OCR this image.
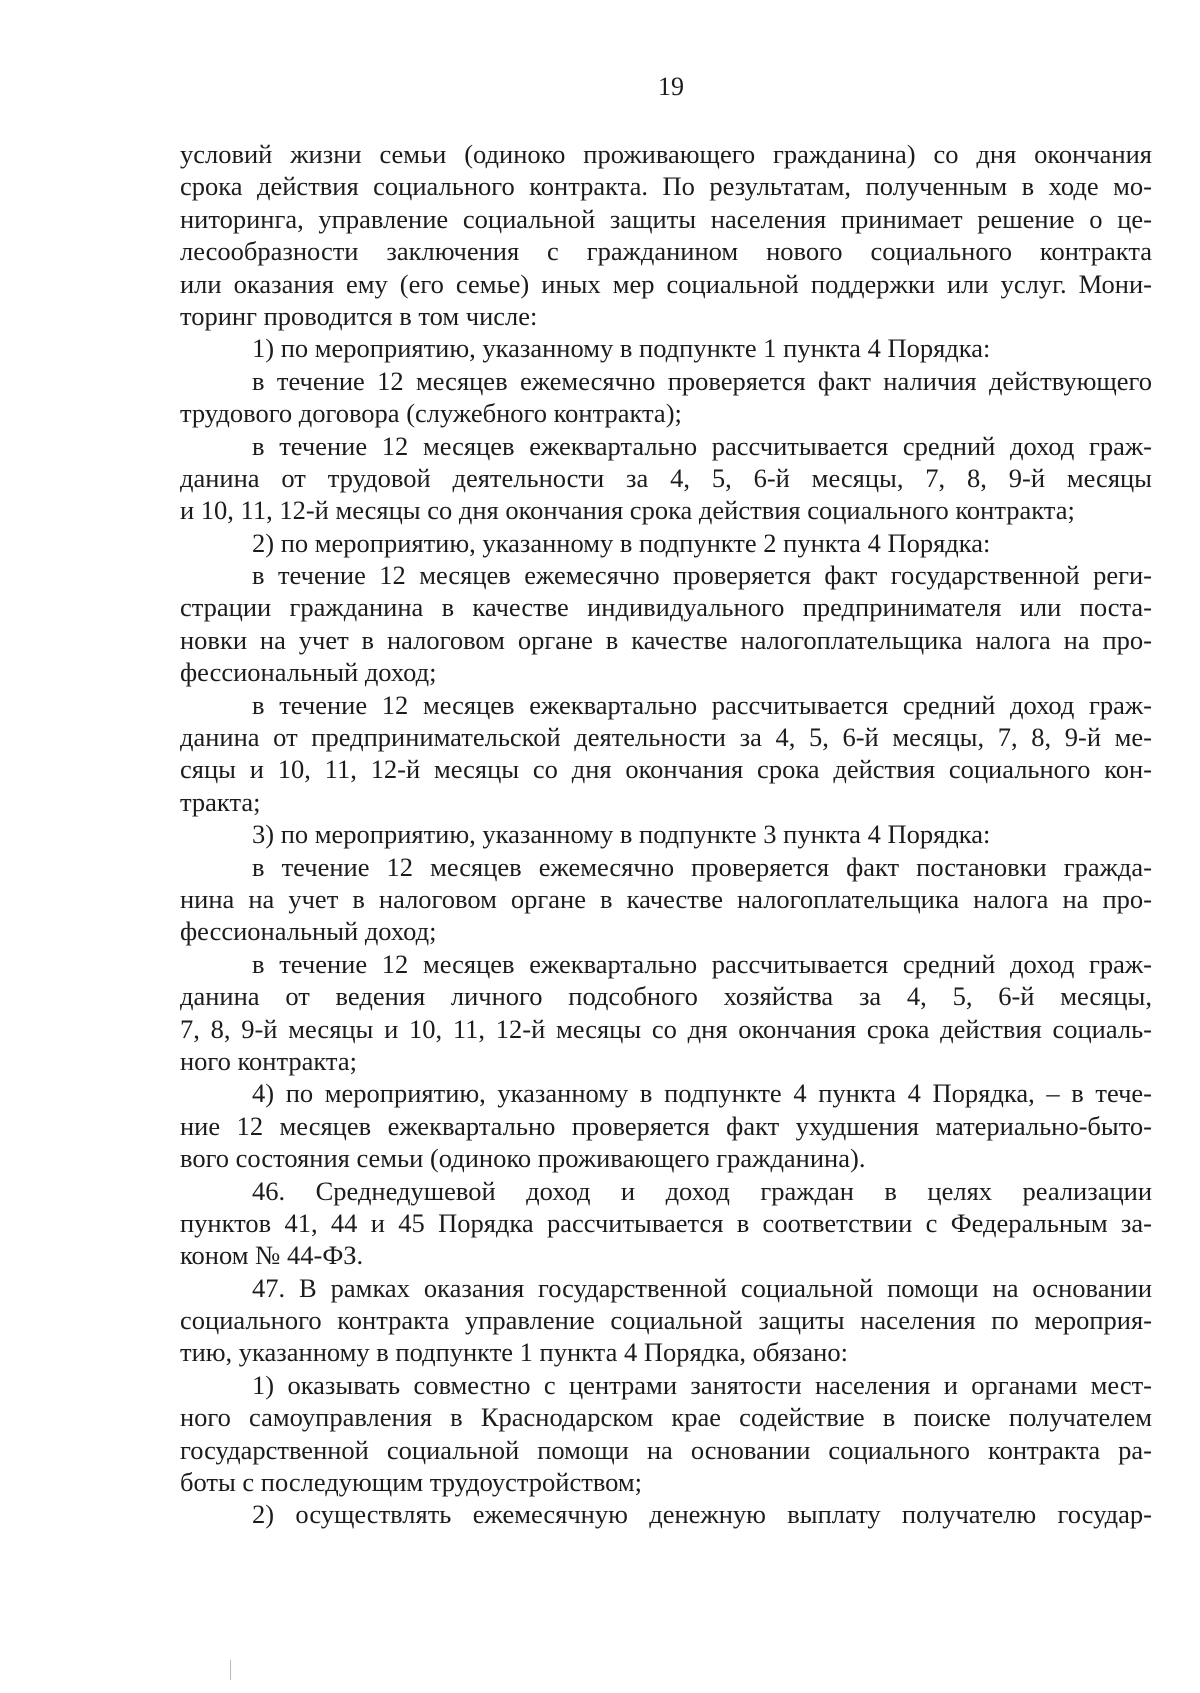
19
условий жизни семьи (одиноко проживающего гражданина) со дня окончания
срока действия социального контракта. По результатам, полученным в ходе мо-
ниторинга, управление социальной защиты населения принимает решение о це-
лесообразности заключения с гражданином нового социального контракта
или оказания ему (его семье) иных мер социальной поддержки или услуг. Мони-
торинг проводится в том числе:
1) по мероприятию, указанному в подпункте 1 пункта 4 Порядка:
в течение 12 месяцев ежемесячно проверяется факт наличия действующего
трудового договора (служебного контракта);
в течение 12 месяцев ежеквартально рассчитывается средний доход граж-
данина от трудовой деятельности за 4, 5, 6-й месяцы, 7, 8, 9-й месяцы
и 10, 11, 12-й месяцы со дня окончания срока действия социального контракта;
2) по мероприятию, указанному в подпункте 2 пункта 4 Порядка:
в течение 12 месяцев ежемесячно проверяется факт государственной реги-
страции гражданина в качестве индивидуального предпринимателя или поста-
новки на учет в налоговом органе в качестве налогоплательщика налога на про-
фессиональный доход;
в течение 12 месяцев ежеквартально рассчитывается средний доход граж-
данина от предпринимательской деятельности за 4, 5, 6-й месяцы, 7, 8, 9-й ме-
сяцы и 10, 11, 12-й месяцы со дня окончания срока действия социального кон-
тракта;
3) по мероприятию, указанному в подпункте 3 пункта 4 Порядка:
в течение 12 месяцев ежемесячно проверяется факт постановки гражда-
нина на учет в налоговом органе в качестве налогоплательщика налога на про-
фессиональный доход;
в течение 12 месяцев ежеквартально рассчитывается средний доход граж-
данина от ведения личного подсобного хозяйства за 4, 5, 6-й месяцы,
7, 8, 9-й месяцы и 10, 11, 12-й месяцы со дня окончания срока действия социаль-
ного контракта;
4) по мероприятию, указанному в подпункте 4 пункта 4 Порядка, – в тече-
ние 12 месяцев ежеквартально проверяется факт ухудшения материально-быто-
вого состояния семьи (одиноко проживающего гражданина).
46. Среднедушевой доход и доход граждан в целях реализации
пунктов 41, 44 и 45 Порядка рассчитывается в соответствии с Федеральным за-
коном № 44-ФЗ.
47. В рамках оказания государственной социальной помощи на основании
социального контракта управление социальной защиты населения по мероприя-
тию, указанному в подпункте 1 пункта 4 Порядка, обязано:
1) оказывать совместно с центрами занятости населения и органами мест-
ного самоуправления в Краснодарском крае содействие в поиске получателем
государственной социальной помощи на основании социального контракта ра-
боты с последующим трудоустройством;
2) осуществлять ежемесячную денежную выплату получателю государ-
